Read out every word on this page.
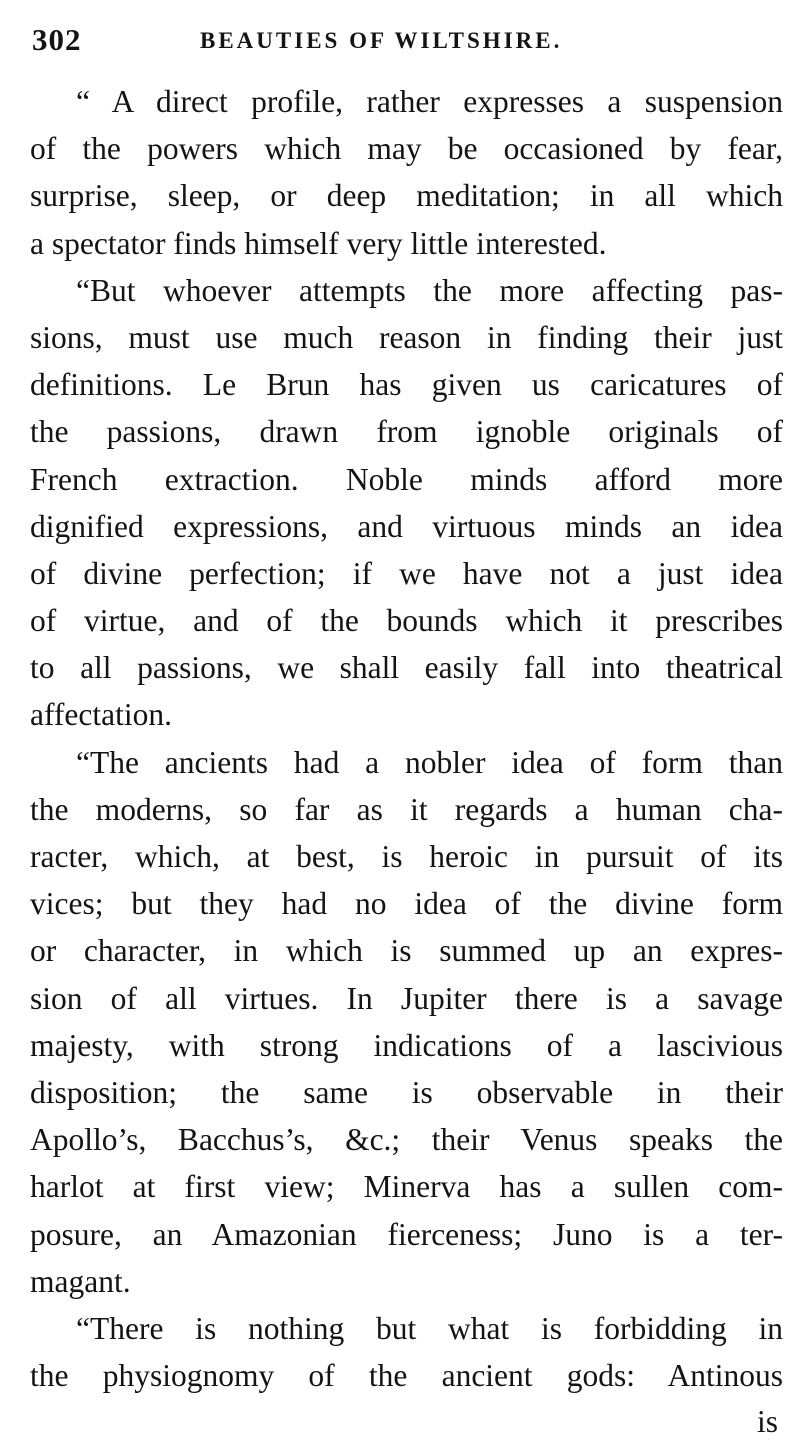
302	BEAUTIES OF WILTSHIRE.
“ A direct profile, rather expresses a suspension
of the powers which may be occasioned by fear,
surprise, sleep, or deep meditation; in all which
a spectator finds himself very little interested.
“But whoever attempts the more affecting pas-
sions, must use much reason in finding their just
definitions. Le Brun has given us caricatures of
the passions, drawn from ignoble originals of
French extraction. Noble minds afford more
dignified expressions, and virtuous minds an idea
of divine perfection; if we have not a just idea
of virtue, and of the bounds which it prescribes
to all passions, we shall easily fall into theatrical
affectation.
“The ancients had a nobler idea of form than
the moderns, so far as it regards a human cha-
racter, which, at best, is heroic in pursuit of its
vices; but they had no idea of the divine form
or character, in which is summed up an expres-
sion of all virtues. In Jupiter there is a savage
majesty, with strong indications of a lascivious
disposition; the same is observable in their
Apollo’s, Bacchus’s, &c.; their Venus speaks the
harlot at first view; Minerva has a sullen com-
posure, an Amazonian fierceness; Juno is a ter-
magant.
“There is nothing but what is forbidding in
the physiognomy of the ancient gods: Antinous
is
